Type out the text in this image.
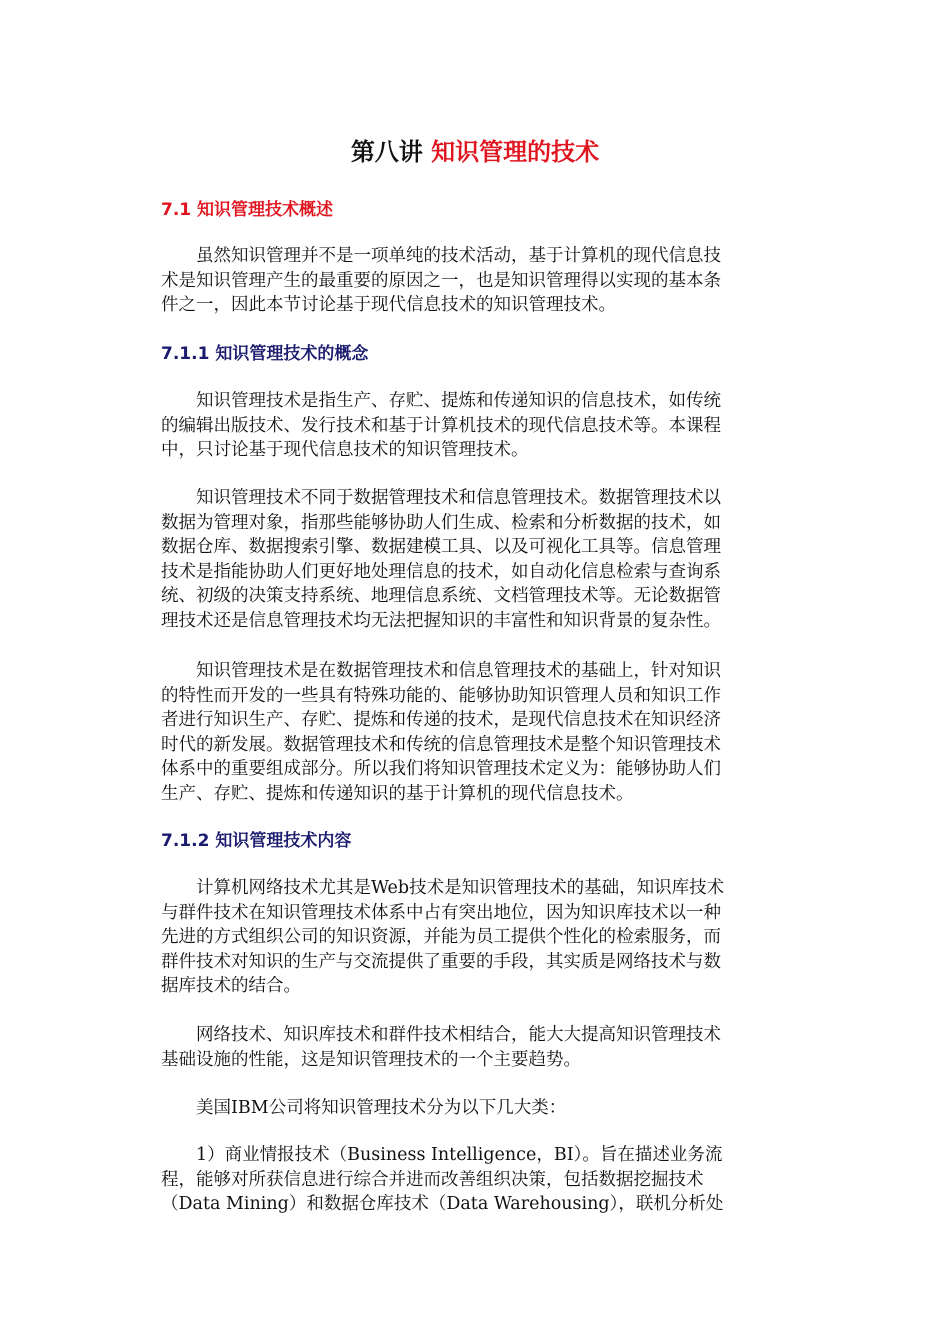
第八讲 知识管理的技术
7.1 知识管理技术概述
　　虽然知识管理并不是一项单纯的技术活动，基于计算机的现代信息技
术是知识管理产生的最重要的原因之一，也是知识管理得以实现的基本条
件之一，因此本节讨论基于现代信息技术的知识管理技术。
7.1.1 知识管理技术的概念
　　知识管理技术是指生产、存贮、提炼和传递知识的信息技术，如传统
的编辑出版技术、发行技术和基于计算机技术的现代信息技术等。本课程
中，只讨论基于现代信息技术的知识管理技术。
　　知识管理技术不同于数据管理技术和信息管理技术。数据管理技术以
数据为管理对象，指那些能够协助人们生成、检索和分析数据的技术，如
数据仓库、数据搜索引擎、数据建模工具、以及可视化工具等。信息管理
技术是指能协助人们更好地处理信息的技术，如自动化信息检索与查询系
统、初级的决策支持系统、地理信息系统、文档管理技术等。无论数据管
理技术还是信息管理技术均无法把握知识的丰富性和知识背景的复杂性。
　　知识管理技术是在数据管理技术和信息管理技术的基础上，针对知识
的特性而开发的一些具有特殊功能的、能够协助知识管理人员和知识工作
者进行知识生产、存贮、提炼和传递的技术，是现代信息技术在知识经济
时代的新发展。数据管理技术和传统的信息管理技术是整个知识管理技术
体系中的重要组成部分。所以我们将知识管理技术定义为：能够协助人们
生产、存贮、提炼和传递知识的基于计算机的现代信息技术。
7.1.2 知识管理技术内容
　　计算机网络技术尤其是Web技术是知识管理技术的基础，知识库技术
与群件技术在知识管理技术体系中占有突出地位，因为知识库技术以一种
先进的方式组织公司的知识资源，并能为员工提供个性化的检索服务，而
群件技术对知识的生产与交流提供了重要的手段，其实质是网络技术与数
据库技术的结合。
　　网络技术、知识库技术和群件技术相结合，能大大提高知识管理技术
基础设施的性能，这是知识管理技术的一个主要趋势。
　　美国IBM公司将知识管理技术分为以下几大类：
　　1）商业情报技术（Business Intelligence，BI）。旨在描述业务流
程，能够对所获信息进行综合并进而改善组织决策，包括数据挖掘技术
（Data Mining）和数据仓库技术（Data Warehousing），联机分析处
